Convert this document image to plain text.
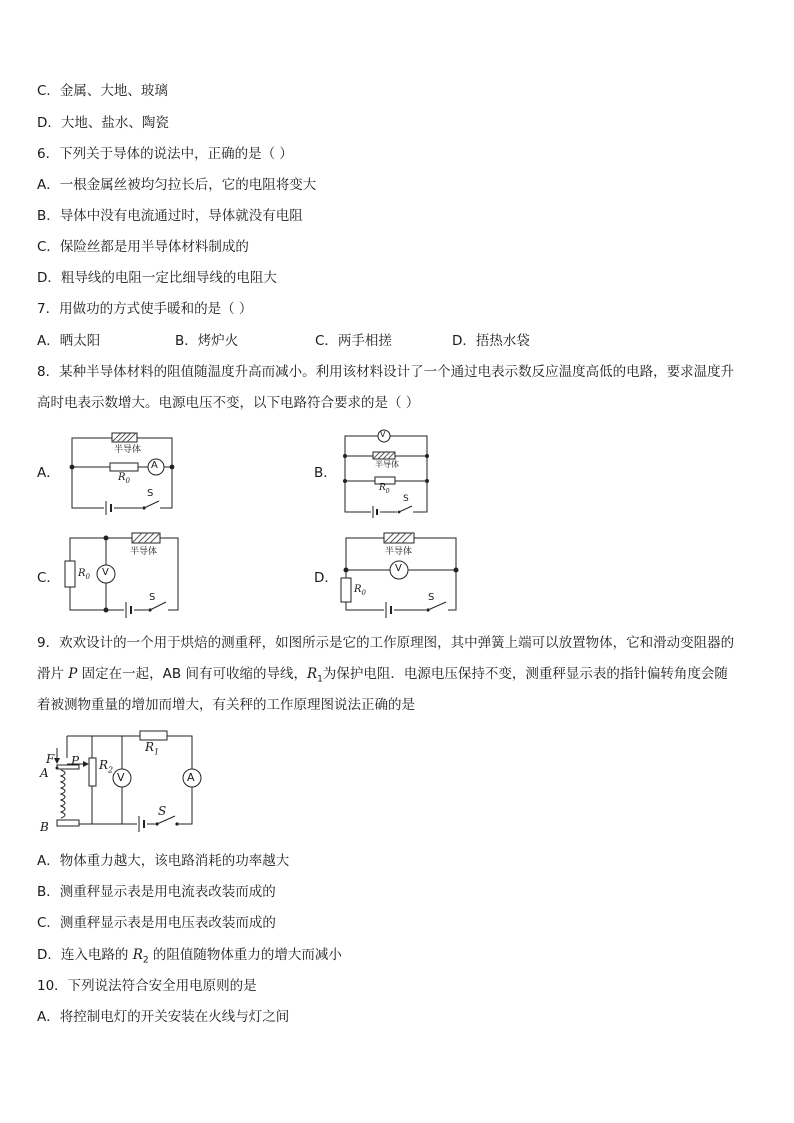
C．金属、大地、玻璃
D．大地、盐水、陶瓷
6．下列关于导体的说法中，正确的是（ ）
A．一根金属丝被均匀拉长后，它的电阻将变大
B．导体中没有电流通过时，导体就没有电阻
C．保险丝都是用半导体材料制成的
D．粗导线的电阻一定比细导线的电阻大
7．用做功的方式使手暖和的是（ ）
A．晒太阳	B．烤炉火	C．两手相搓	D．捂热水袋
8．某种半导体材料的阻值随温度升高而减小。利用该材料设计了一个通过电表示数反应温度高低的电路，要求温度升
高时电表示数增大。电源电压不变，以下电路符合要求的是（ ）
A．
半导体
A
$R_0$
S
B．
V
半导体
$R_0$
S
C．
半导体
V
$R_0$
S
D．
半导体
V
$R_0$	S
9．欢欢设计的一个用于烘焙的测重秤，如图所示是它的工作原理图，其中弹簧上端可以放置物体，它和滑动变阻器的
滑片 P 固定在一起，AB 间有可收缩的导线，$R_1$为保护电阻．电源电压保持不变，测重秤显示表的指针偏转角度会随
着被测物重量的增加而增大，有关秤的工作原理图说法正确的是
F P
A
B
$R_1$
$R_2$
V	A
S
A．物体重力越大，该电路消耗的功率越大
B．测重秤显示表是用电流表改装而成的
C．测重秤显示表是用电压表改装而成的
D．连入电路的 $R_2$ 的阻值随物体重力的增大而减小
10．下列说法符合安全用电原则的是
A．将控制电灯的开关安装在火线与灯之间
